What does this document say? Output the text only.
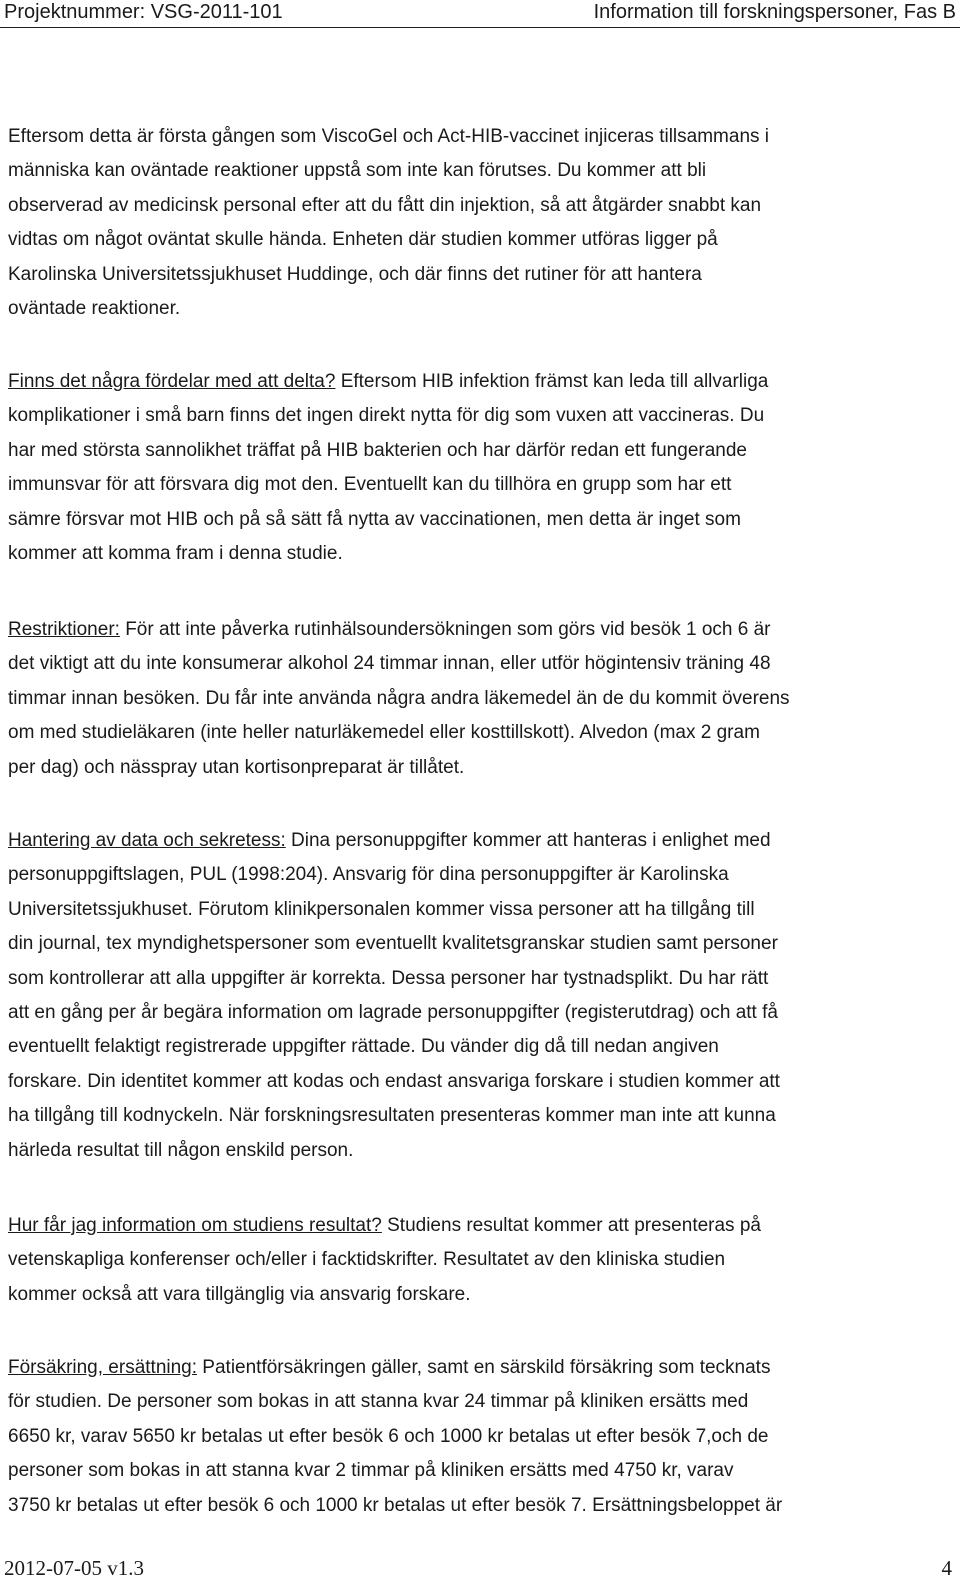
Projektnummer: VSG-2011-101	Information till forskningspersoner, Fas B
Eftersom detta är första gången som ViscoGel och Act-HIB-vaccinet injiceras tillsammans i
människa kan oväntade reaktioner uppstå som inte kan förutses. Du kommer att bli
observerad av medicinsk personal efter att du fått din injektion, så att åtgärder snabbt kan
vidtas om något oväntat skulle hända. Enheten där studien kommer utföras ligger på
Karolinska Universitetssjukhuset Huddinge, och där finns det rutiner för att hantera
oväntade reaktioner.
Finns det några fördelar med att delta? Eftersom HIB infektion främst kan leda till allvarliga
komplikationer i små barn finns det ingen direkt nytta för dig som vuxen att vaccineras. Du
har med största sannolikhet träffat på HIB bakterien och har därför redan ett fungerande
immunsvar för att försvara dig mot den. Eventuellt kan du tillhöra en grupp som har ett
sämre försvar mot HIB och på så sätt få nytta av vaccinationen, men detta är inget som
kommer att komma fram i denna studie.
Restriktioner: För att inte påverka rutinhälsoundersökningen som görs vid besök 1 och 6 är
det viktigt att du inte konsumerar alkohol 24 timmar innan, eller utför högintensiv träning 48
timmar innan besöken. Du får inte använda några andra läkemedel än de du kommit överens
om med studieläkaren (inte heller naturläkemedel eller kosttillskott). Alvedon (max 2 gram
per dag) och nässpray utan kortisonpreparat är tillåtet.
Hantering av data och sekretess: Dina personuppgifter kommer att hanteras i enlighet med
personuppgiftslagen, PUL (1998:204). Ansvarig för dina personuppgifter är Karolinska
Universitetssjukhuset. Förutom klinikpersonalen kommer vissa personer att ha tillgång till
din journal, tex myndighetspersoner som eventuellt kvalitetsgranskar studien samt personer
som kontrollerar att alla uppgifter är korrekta. Dessa personer har tystnadsplikt. Du har rätt
att en gång per år begära information om lagrade personuppgifter (registerutdrag) och att få
eventuellt felaktigt registrerade uppgifter rättade. Du vänder dig då till nedan angiven
forskare. Din identitet kommer att kodas och endast ansvariga forskare i studien kommer att
ha tillgång till kodnyckeln. När forskningsresultaten presenteras kommer man inte att kunna
härleda resultat till någon enskild person.
Hur får jag information om studiens resultat? Studiens resultat kommer att presenteras på
vetenskapliga konferenser och/eller i facktidskrifter. Resultatet av den kliniska studien
kommer också att vara tillgänglig via ansvarig forskare.
Försäkring, ersättning: Patientförsäkringen gäller, samt en särskild försäkring som tecknats
för studien. De personer som bokas in att stanna kvar 24 timmar på kliniken ersätts med
6650 kr, varav 5650 kr betalas ut efter besök 6 och 1000 kr betalas ut efter besök 7,och de
personer som bokas in att stanna kvar 2 timmar på kliniken ersätts med 4750 kr, varav
3750 kr betalas ut efter besök 6 och 1000 kr betalas ut efter besök 7. Ersättningsbeloppet är
2012-07-05 v1.3	4
